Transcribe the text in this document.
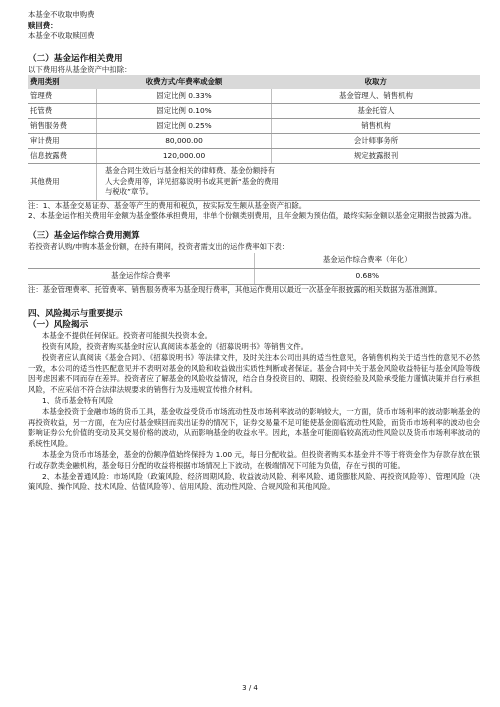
本基金不收取申购费
赎回费：
本基金不收取赎回费
（二）基金运作相关费用
以下费用将从基金资产中扣除：
费用类别	收费方式/年费率或金额	收取方
管理费	固定比例 0.33%	基金管理人、销售机构
托管费	固定比例 0.10%	基金托管人
销售服务费	固定比例 0.25%	销售机构
审计费用	80,000.00	会计师事务所
信息披露费	120,000.00	规定披露报刊
其他费用	基金合同生效后与基金相关的律师费、基金份额持有人大会费用等，详见招募说明书或其更新“基金的费用与税收”章节。	
注：1、本基金交易证券、基金等产生的费用和税负，按实际发生额从基金资产扣除。
2、本基金运作相关费用年金额为基金整体承担费用，非单个份额类别费用，且年金额为预估值，最终实际金额以基金定期报告披露为准。
（三）基金运作综合费用测算
若投资者认购/申购本基金份额，在持有期间，投资者需支出的运作费率如下表：
	基金运作综合费率（年化）
基金运作综合费率	0.68%
注：基金管理费率、托管费率、销售服务费率为基金现行费率，其他运作费用以最近一次基金年报披露的相关数据为基准测算。
四、风险揭示与重要提示
（一）风险揭示
本基金不提供任何保证。投资者可能损失投资本金。
投资有风险，投资者购买基金时应认真阅读本基金的《招募说明书》等销售文件。
投资者应认真阅读《基金合同》、《招募说明书》等法律文件，及时关注本公司出具的适当性意见，各销售机构关于适当性的意见不必然一致，本公司的适当性匹配意见并不表明对基金的风险和收益做出实质性判断或者保证。基金合同中关于基金风险收益特征与基金风险等级因考虑因素不同而存在差异。投资者应了解基金的风险收益情况，结合自身投资目的、期限、投资经验及风险承受能力谨慎决策并自行承担风险，不应采信不符合法律法规要求的销售行为及违规宣传推介材料。
1、货币基金特有风险
本基金投资于金融市场的货币工具，基金收益受货币市场流动性及市场利率波动的影响较大，一方面，货币市场利率的波动影响基金的再投资收益，另一方面，在为应付基金赎回而卖出证券的情况下，证券交易量不足可能使基金面临流动性风险，而货币市场利率的波动也会影响证券公允价值的变动及其交易价格的波动，从而影响基金的收益水平。因此，本基金可能面临较高流动性风险以及货币市场利率波动的系统性风险。
本基金为货币市场基金，基金的份额净值始终保持为 1.00 元，每日分配收益。但投资者购买本基金并不等于将资金作为存款存放在银行或存款类金融机构，基金每日分配的收益将根据市场情况上下波动，在极端情况下可能为负值，存在亏损的可能。
2、本基金普通风险：市场风险（政策风险、经济周期风险、收益波动风险、利率风险、通货膨胀风险、再投资风险等）、管理风险（决策风险、操作风险、技术风险、估值风险等）、信用风险、流动性风险、合规风险和其他风险。
3 / 4
